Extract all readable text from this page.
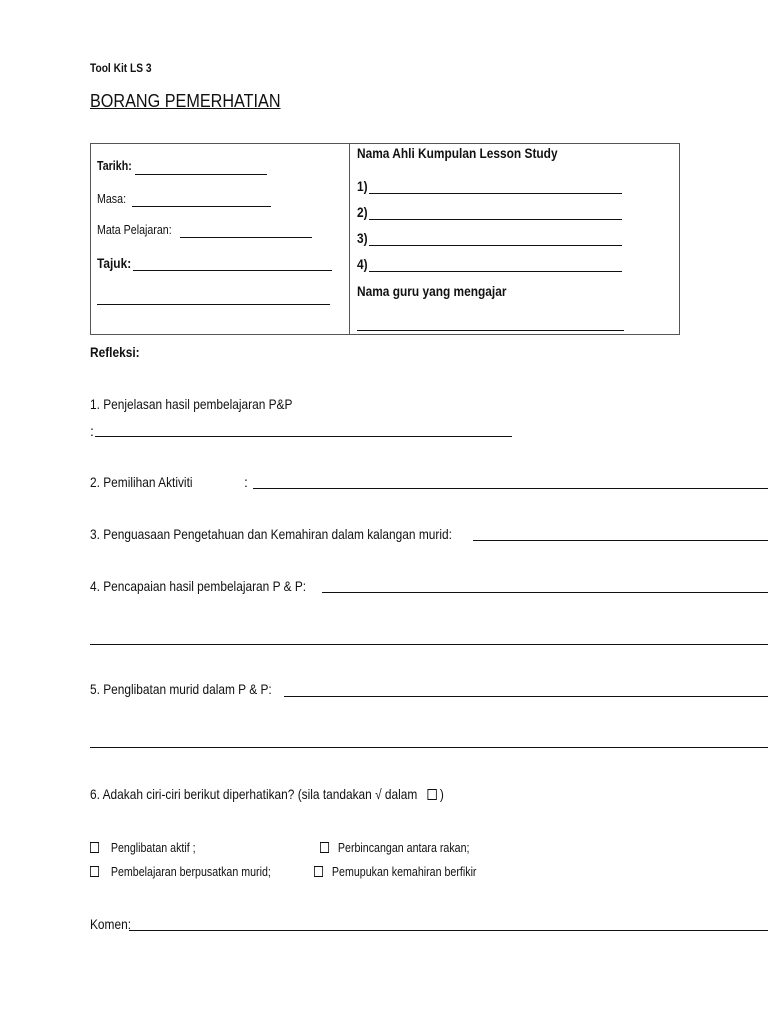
Tool Kit LS 3
BORANG PEMERHATIAN
Tarikh:
Masa:
Mata Pelajaran:
Tajuk:
Nama Ahli Kumpulan Lesson Study
1)
2)
3)
4)
Nama guru yang mengajar
Refleksi:
1. Penjelasan hasil pembelajaran P&P
:
2. Pemilihan Aktiviti	:
3. Penguasaan Pengetahuan dan Kemahiran dalam kalangan murid:
4. Pencapaian hasil pembelajaran P & P:
5. Penglibatan murid dalam P & P:
6. Adakah ciri-ciri berikut diperhatikan? (sila tandakan √ dalam )
Penglibatan aktif ;	Perbincangan antara rakan;
Pembelajaran berpusatkan murid;	Pemupukan kemahiran berfikir
Komen:
